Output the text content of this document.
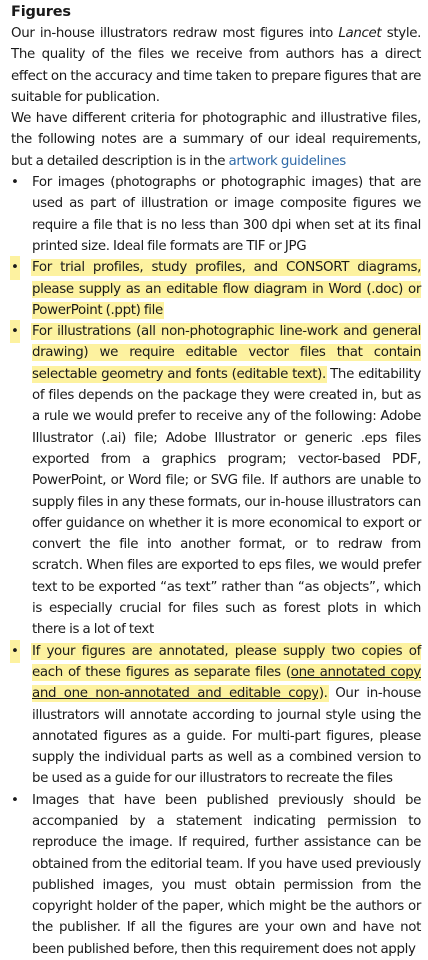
Figures

Our in-house illustrators redraw most figures into Lancet style. The quality of the files we receive from authors has a direct effect on the accuracy and time taken to prepare figures that are suitable for publication.

We have different criteria for photographic and illustrative files, the following notes are a summary of our ideal requirements, but a detailed description is in the artwork guidelines

• For images (photographs or photographic images) that are used as part of illustration or image composite figures we require a file that is no less than 300 dpi when set at its final printed size. Ideal file formats are TIF or JPG
• For trial profiles, study profiles, and CONSORT diagrams, please supply as an editable flow diagram in Word (.doc) or PowerPoint (.ppt) file
• For illustrations (all non-photographic line-work and general drawing) we require editable vector files that contain selectable geometry and fonts (editable text). The editability of files depends on the package they were created in, but as a rule we would prefer to receive any of the following: Adobe Illustrator (.ai) file; Adobe Illustrator or generic .eps files exported from a graphics program; vector-based PDF, PowerPoint, or Word file; or SVG file. If authors are unable to supply files in any these formats, our in-house illustrators can offer guidance on whether it is more economical to export or convert the file into another format, or to redraw from scratch. When files are exported to eps files, we would prefer text to be exported “as text” rather than “as objects”, which is especially crucial for files such as forest plots in which there is a lot of text
• If your figures are annotated, please supply two copies of each of these figures as separate files (one annotated copy and one non-annotated and editable copy). Our in-house illustrators will annotate according to journal style using the annotated figures as a guide. For multi-part figures, please supply the individual parts as well as a combined version to be used as a guide for our illustrators to recreate the files
• Images that have been published previously should be accompanied by a statement indicating permission to reproduce the image. If required, further assistance can be obtained from the editorial team. If you have used previously published images, you must obtain permission from the copyright holder of the paper, which might be the authors or the publisher. If all the figures are your own and have not been published before, then this requirement does not apply
